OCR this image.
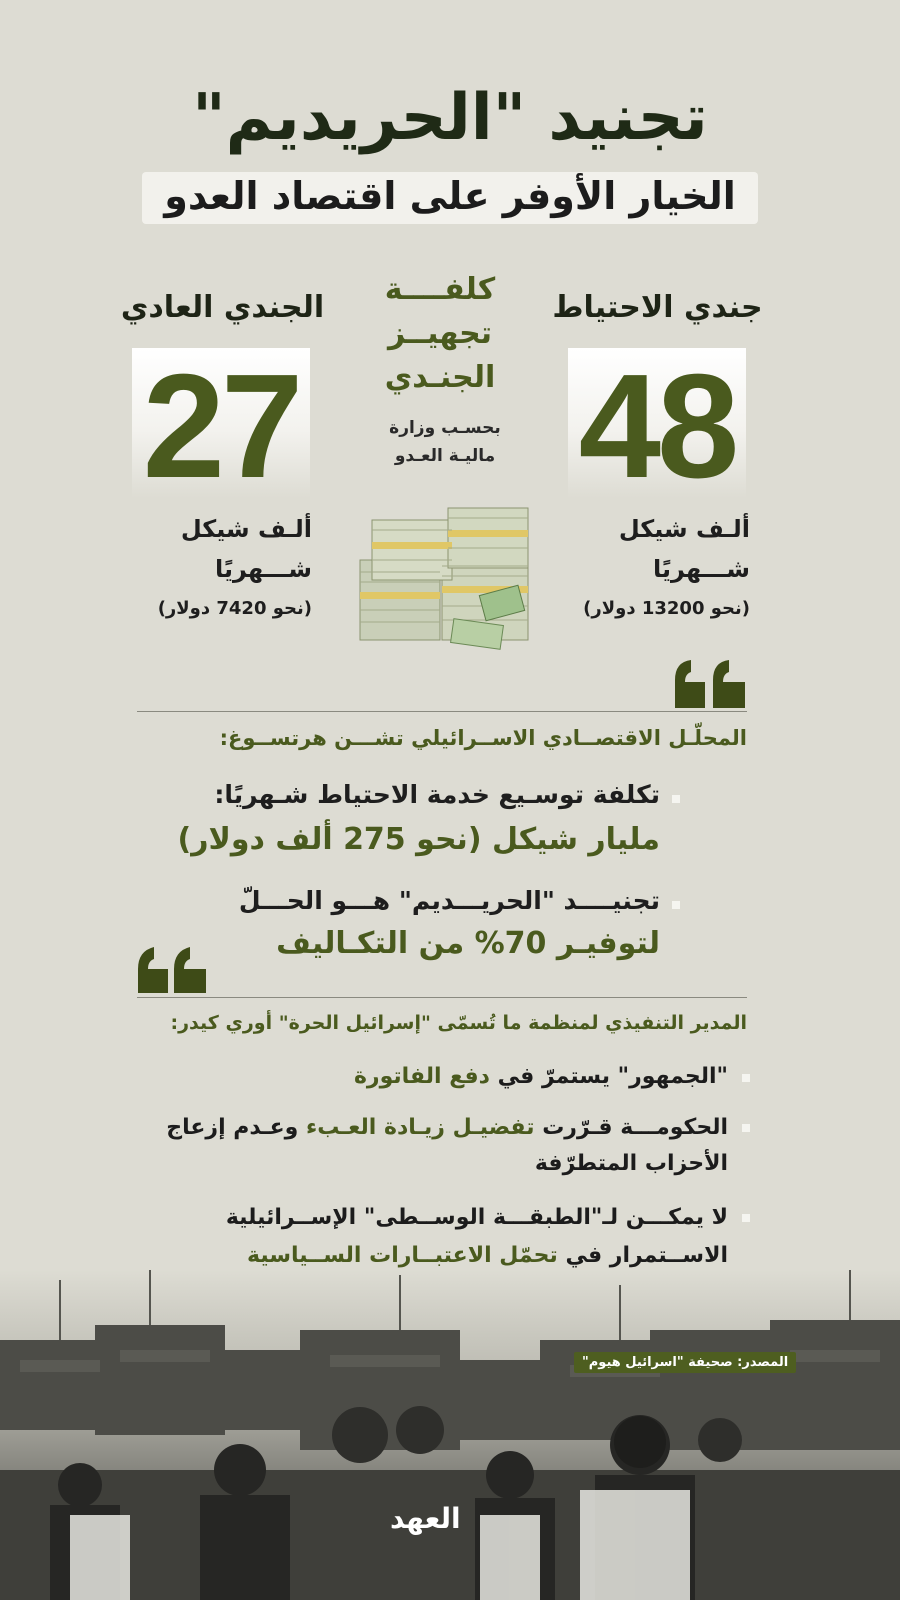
تجنيد "الحريديم"
الخيار الأوفر على اقتصاد العدو
جندي الاحتياط
48
ألـف شيكل
شـــهريًا
(نحو 13200 دولار)
الجندي العادي
27
ألـف شيكل
شـــهريًا
(نحو 7420 دولار)
كلفــــة
تجهيــز
الجنـدي
بحسـب وزارة
ماليـة العـدو
المحلّـل الاقتصــادي الاســرائيلي تشـــن هرتســوغ:
تكلفة توسـيع خدمة الاحتياط شـهريًا:
مليار شيكل (نحو 275 ألف دولار)
تجنيــــد "الحريـــديم" هـــو الحـــلّ
لتوفيـر 70% من التكـاليف
المدير التنفيذي لمنظمة ما تُسمّى "إسرائيل الحرة" أوري كيدر:
"الجمهور" يستمرّ في دفع الفاتورة
الحكومـــة قـرّرت تفضيـل زيـادة العـبء وعـدم إزعاج
الأحزاب المتطرّفة
لا يمكـــن لـ"الطبقـــة الوســطى" الإســرائيلية
الاســتمرار في تحمّل الاعتبــارات الســياسية
المصدر: صحيفة "اسرائيل هيوم"
العهد
